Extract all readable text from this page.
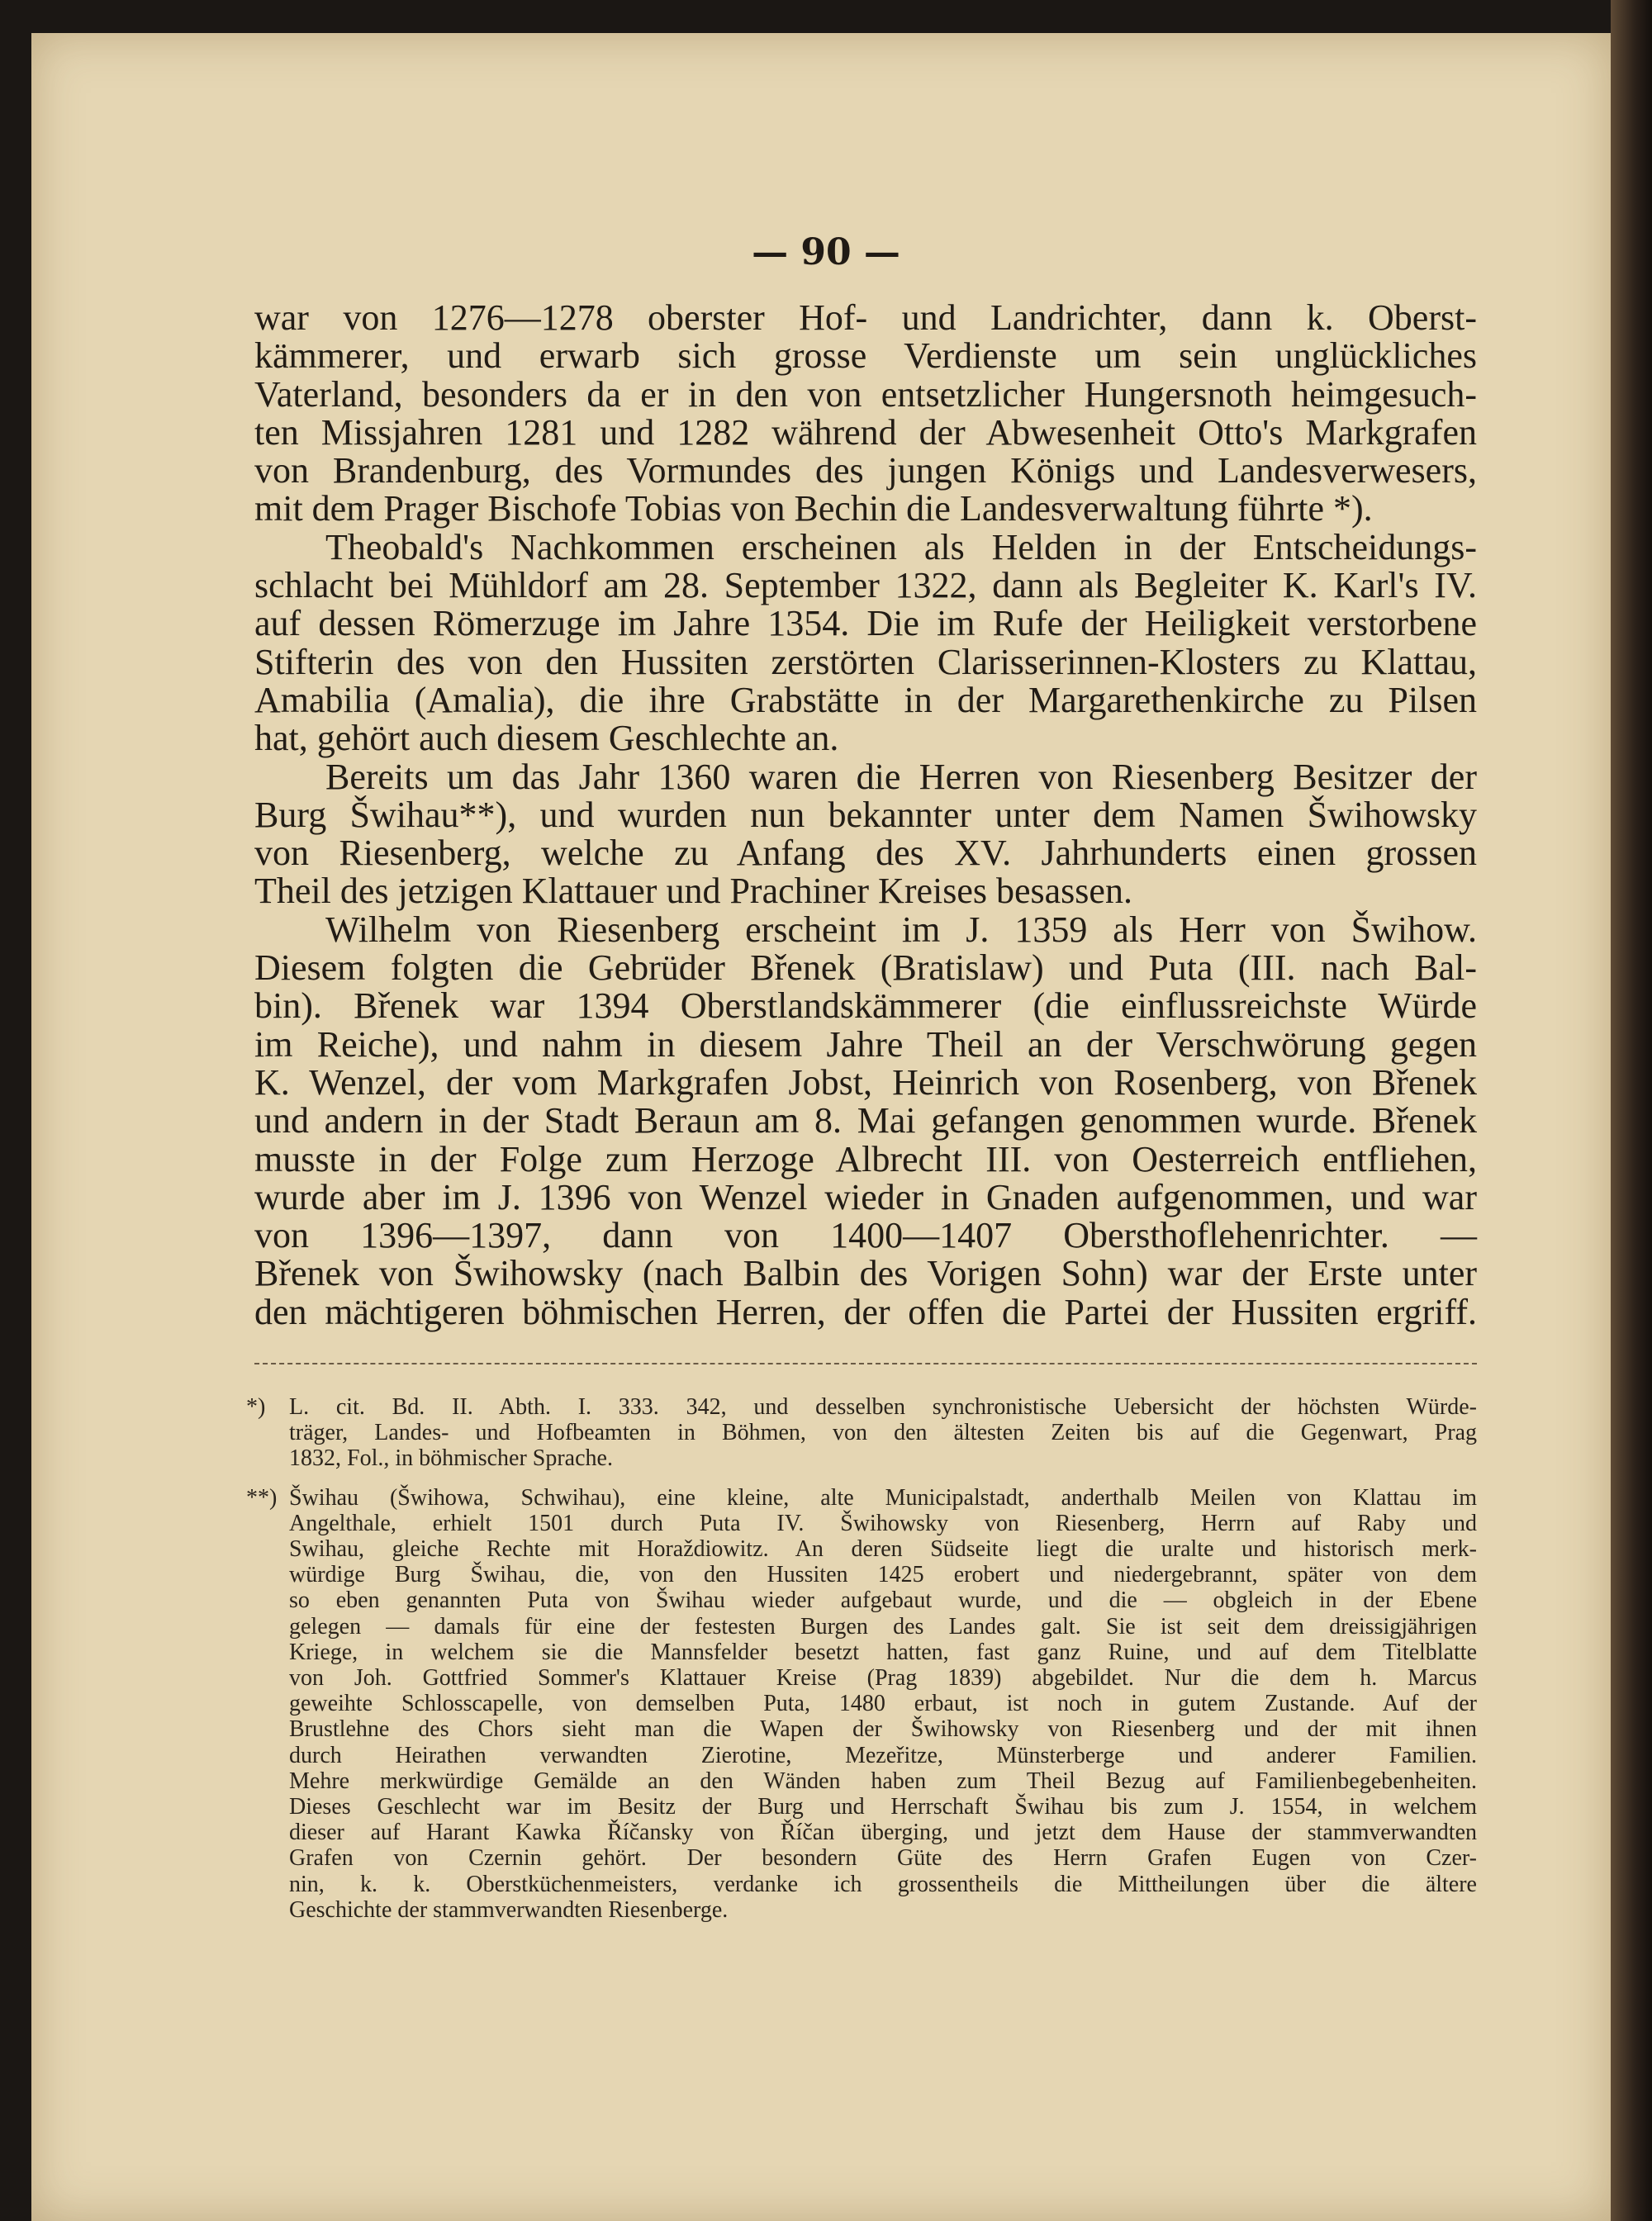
— 90 —
war von 1276—1278 oberster Hof- und Landrichter, dann k. Oberst-
kämmerer, und erwarb sich grosse Verdienste um sein unglückliches
Vaterland, besonders da er in den von entsetzlicher Hungersnoth heimgesuch-
ten Missjahren 1281 und 1282 während der Abwesenheit Otto's Markgrafen
von Brandenburg, des Vormundes des jungen Königs und Landesverwesers,
mit dem Prager Bischofe Tobias von Bechin die Landesverwaltung führte *).
Theobald's Nachkommen erscheinen als Helden in der Entscheidungs-
schlacht bei Mühldorf am 28. September 1322, dann als Begleiter K. Karl's IV.
auf dessen Römerzuge im Jahre 1354. Die im Rufe der Heiligkeit verstorbene
Stifterin des von den Hussiten zerstörten Clarisserinnen-Klosters zu Klattau,
Amabilia (Amalia), die ihre Grabstätte in der Margarethenkirche zu Pilsen
hat, gehört auch diesem Geschlechte an.
Bereits um das Jahr 1360 waren die Herren von Riesenberg Besitzer der
Burg Šwihau**), und wurden nun bekannter unter dem Namen Šwihowsky
von Riesenberg, welche zu Anfang des XV. Jahrhunderts einen grossen
Theil des jetzigen Klattauer und Prachiner Kreises besassen.
Wilhelm von Riesenberg erscheint im J. 1359 als Herr von Šwihow.
Diesem folgten die Gebrüder Břenek (Bratislaw) und Puta (III. nach Bal-
bin). Břenek war 1394 Oberstlandskämmerer (die einflussreichste Würde
im Reiche), und nahm in diesem Jahre Theil an der Verschwörung gegen
K. Wenzel, der vom Markgrafen Jobst, Heinrich von Rosenberg, von Břenek
und andern in der Stadt Beraun am 8. Mai gefangen genommen wurde. Břenek
musste in der Folge zum Herzoge Albrecht III. von Oesterreich entfliehen,
wurde aber im J. 1396 von Wenzel wieder in Gnaden aufgenommen, und war
von 1396—1397, dann von 1400—1407 Obersthoflehenrichter. —
Břenek von Šwihowsky (nach Balbin des Vorigen Sohn) war der Erste unter
den mächtigeren böhmischen Herren, der offen die Partei der Hussiten ergriff.
*) L. cit. Bd. II. Abth. I. 333. 342, und desselben synchronistische Uebersicht der höchsten Würde-
träger, Landes- und Hofbeamten in Böhmen, von den ältesten Zeiten bis auf die Gegenwart, Prag
1832, Fol., in böhmischer Sprache.
**) Šwihau (Šwihowa, Schwihau), eine kleine, alte Municipalstadt, anderthalb Meilen von Klattau im
Angelthale, erhielt 1501 durch Puta IV. Šwihowsky von Riesenberg, Herrn auf Raby und
Swihau, gleiche Rechte mit Horaždiowitz. An deren Südseite liegt die uralte und historisch merk-
würdige Burg Šwihau, die, von den Hussiten 1425 erobert und niedergebrannt, später von dem
so eben genannten Puta von Šwihau wieder aufgebaut wurde, und die — obgleich in der Ebene
gelegen — damals für eine der festesten Burgen des Landes galt. Sie ist seit dem dreissigjährigen
Kriege, in welchem sie die Mannsfelder besetzt hatten, fast ganz Ruine, und auf dem Titelblatte
von Joh. Gottfried Sommer's Klattauer Kreise (Prag 1839) abgebildet. Nur die dem h. Marcus
geweihte Schlosscapelle, von demselben Puta, 1480 erbaut, ist noch in gutem Zustande. Auf der
Brustlehne des Chors sieht man die Wapen der Šwihowsky von Riesenberg und der mit ihnen
durch Heirathen verwandten Zierotine, Mezeřitze, Münsterberge und anderer Familien.
Mehre merkwürdige Gemälde an den Wänden haben zum Theil Bezug auf Familienbegebenheiten.
Dieses Geschlecht war im Besitz der Burg und Herrschaft Šwihau bis zum J. 1554, in welchem
dieser auf Harant Kawka Říčansky von Říčan überging, und jetzt dem Hause der stammverwandten
Grafen von Czernin gehört. Der besondern Güte des Herrn Grafen Eugen von Czer-
nin, k. k. Oberstküchenmeisters, verdanke ich grossentheils die Mittheilungen über die ältere
Geschichte der stammverwandten Riesenberge.
